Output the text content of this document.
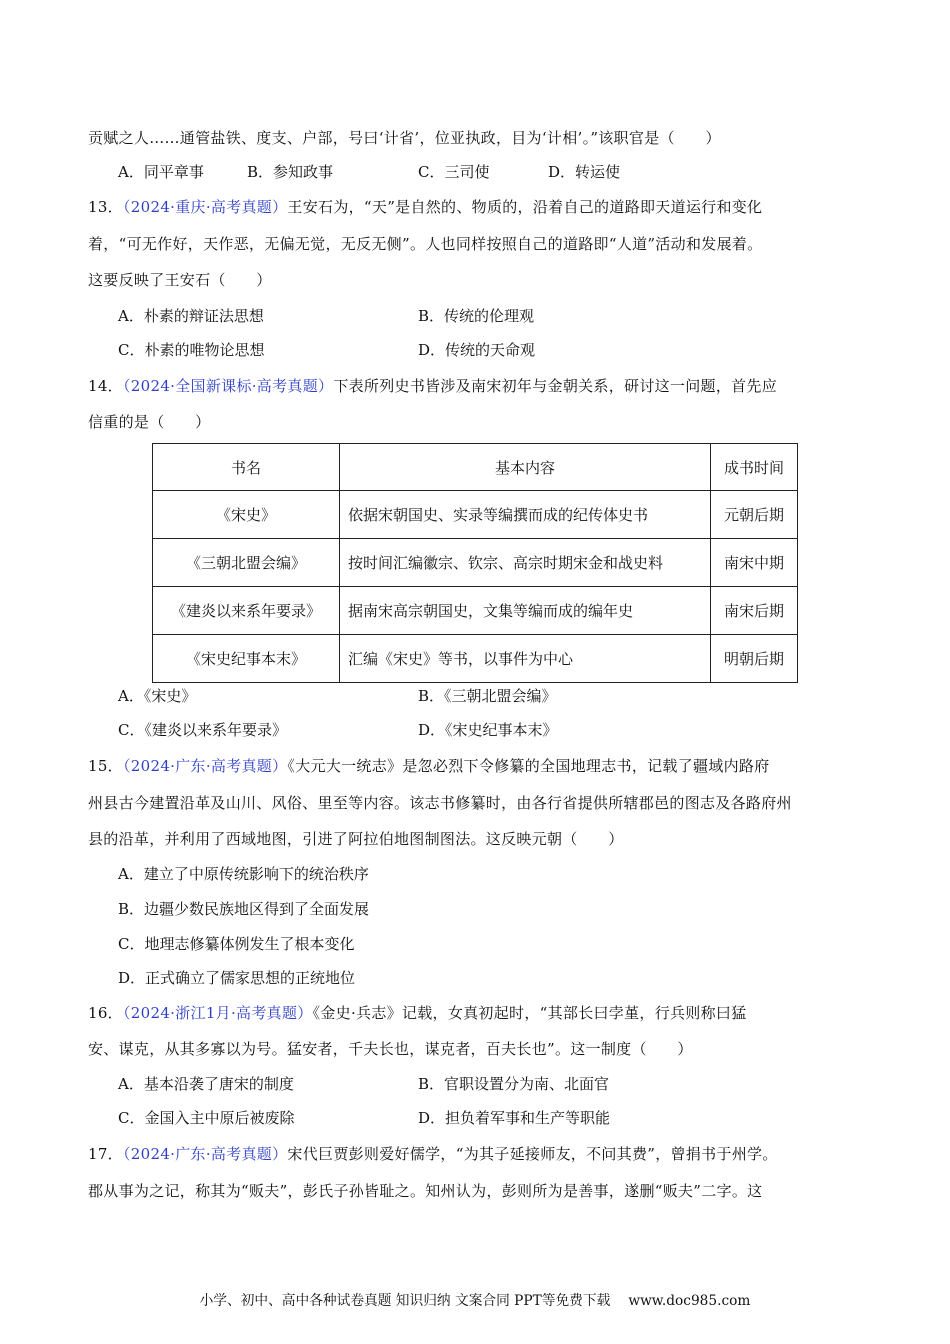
贡赋之人……通管盐铁、度支、户部，号曰‘计省’，位亚执政，目为‘计相’。”该职官是（　　）
A．同平章事	B．参知政事	C．三司使	D．转运使
13．（2024·重庆·高考真题）王安石为，“天”是自然的、物质的，沿着自己的道路即天道运行和变化
着，“可无作好，天作恶，无偏无觉，无反无侧”。人也同样按照自己的道路即“人道”活动和发展着。
这要反映了王安石（　　）
A．朴素的辩证法思想	B．传统的伦理观
C．朴素的唯物论思想	D．传统的天命观
14．（2024·全国新课标·高考真题）下表所列史书皆涉及南宋初年与金朝关系，研讨这一问题，首先应
信重的是（　　）
书名	基本内容	成书时间
《宋史》	依据宋朝国史、实录等编撰而成的纪传体史书	元朝后期
《三朝北盟会编》	按时间汇编徽宗、钦宗、高宗时期宋金和战史料	南宋中期
《建炎以来系年要录》	据南宋高宗朝国史，文集等编而成的编年史	南宋后期
《宋史纪事本末》	汇编《宋史》等书，以事件为中心	明朝后期
A．《宋史》	B．《三朝北盟会编》
C．《建炎以来系年要录》	D．《宋史纪事本末》
15．（2024·广东·高考真题）《大元大一统志》是忽必烈下令修纂的全国地理志书，记载了疆域内路府
州县古今建置沿革及山川、风俗、里至等内容。该志书修纂时，由各行省提供所辖郡邑的图志及各路府州
县的沿革，并利用了西域地图，引进了阿拉伯地图制图法。这反映元朝（　　）
A．建立了中原传统影响下的统治秩序
B．边疆少数民族地区得到了全面发展
C．地理志修纂体例发生了根本变化
D．正式确立了儒家思想的正统地位
16．（2024·浙江1月·高考真题）《金史·兵志》记载，女真初起时，“其部长曰孛堇，行兵则称曰猛
安、谋克，从其多寡以为号。猛安者，千夫长也，谋克者，百夫长也”。这一制度（　　）
A．基本沿袭了唐宋的制度	B．官职设置分为南、北面官
C．金国入主中原后被废除	D．担负着军事和生产等职能
17．（2024·广东·高考真题）宋代巨贾彭则爱好儒学，“为其子延接师友，不问其费”，曾捐书于州学。
郡从事为之记，称其为“贩夫”，彭氏子孙皆耻之。知州认为，彭则所为是善事，遂删“贩夫”二字。这
小学、初中、高中各种试卷真题 知识归纳 文案合同 PPT等免费下载　 www.doc985.com
